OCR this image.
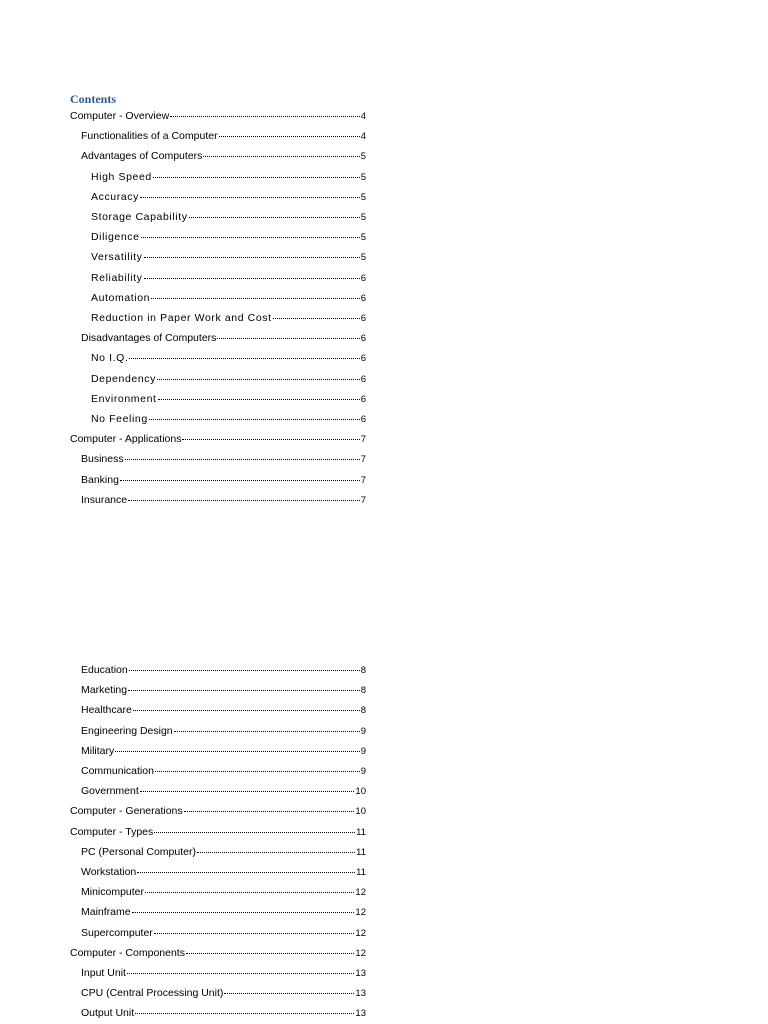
Contents
Computer - Overview	4
Functionalities of a Computer	4
Advantages of Computers	5
High Speed	5
Accuracy	5
Storage Capability	5
Diligence	5
Versatility	5
Reliability	6
Automation	6
Reduction in Paper Work and Cost	6
Disadvantages of Computers	6
No I.Q.	6
Dependency	6
Environment	6
No Feeling	6
Computer - Applications	7
Business	7
Banking	7
Insurance	7
Education	8
Marketing	8
Healthcare	8
Engineering Design	9
Military	9
Communication	9
Government	10
Computer - Generations	10
Computer - Types	11
PC (Personal Computer)	11
Workstation	11
Minicomputer	12
Mainframe	12
Supercomputer	12
Computer - Components	12
Input Unit	13
CPU (Central Processing Unit)	13
Output Unit	13
